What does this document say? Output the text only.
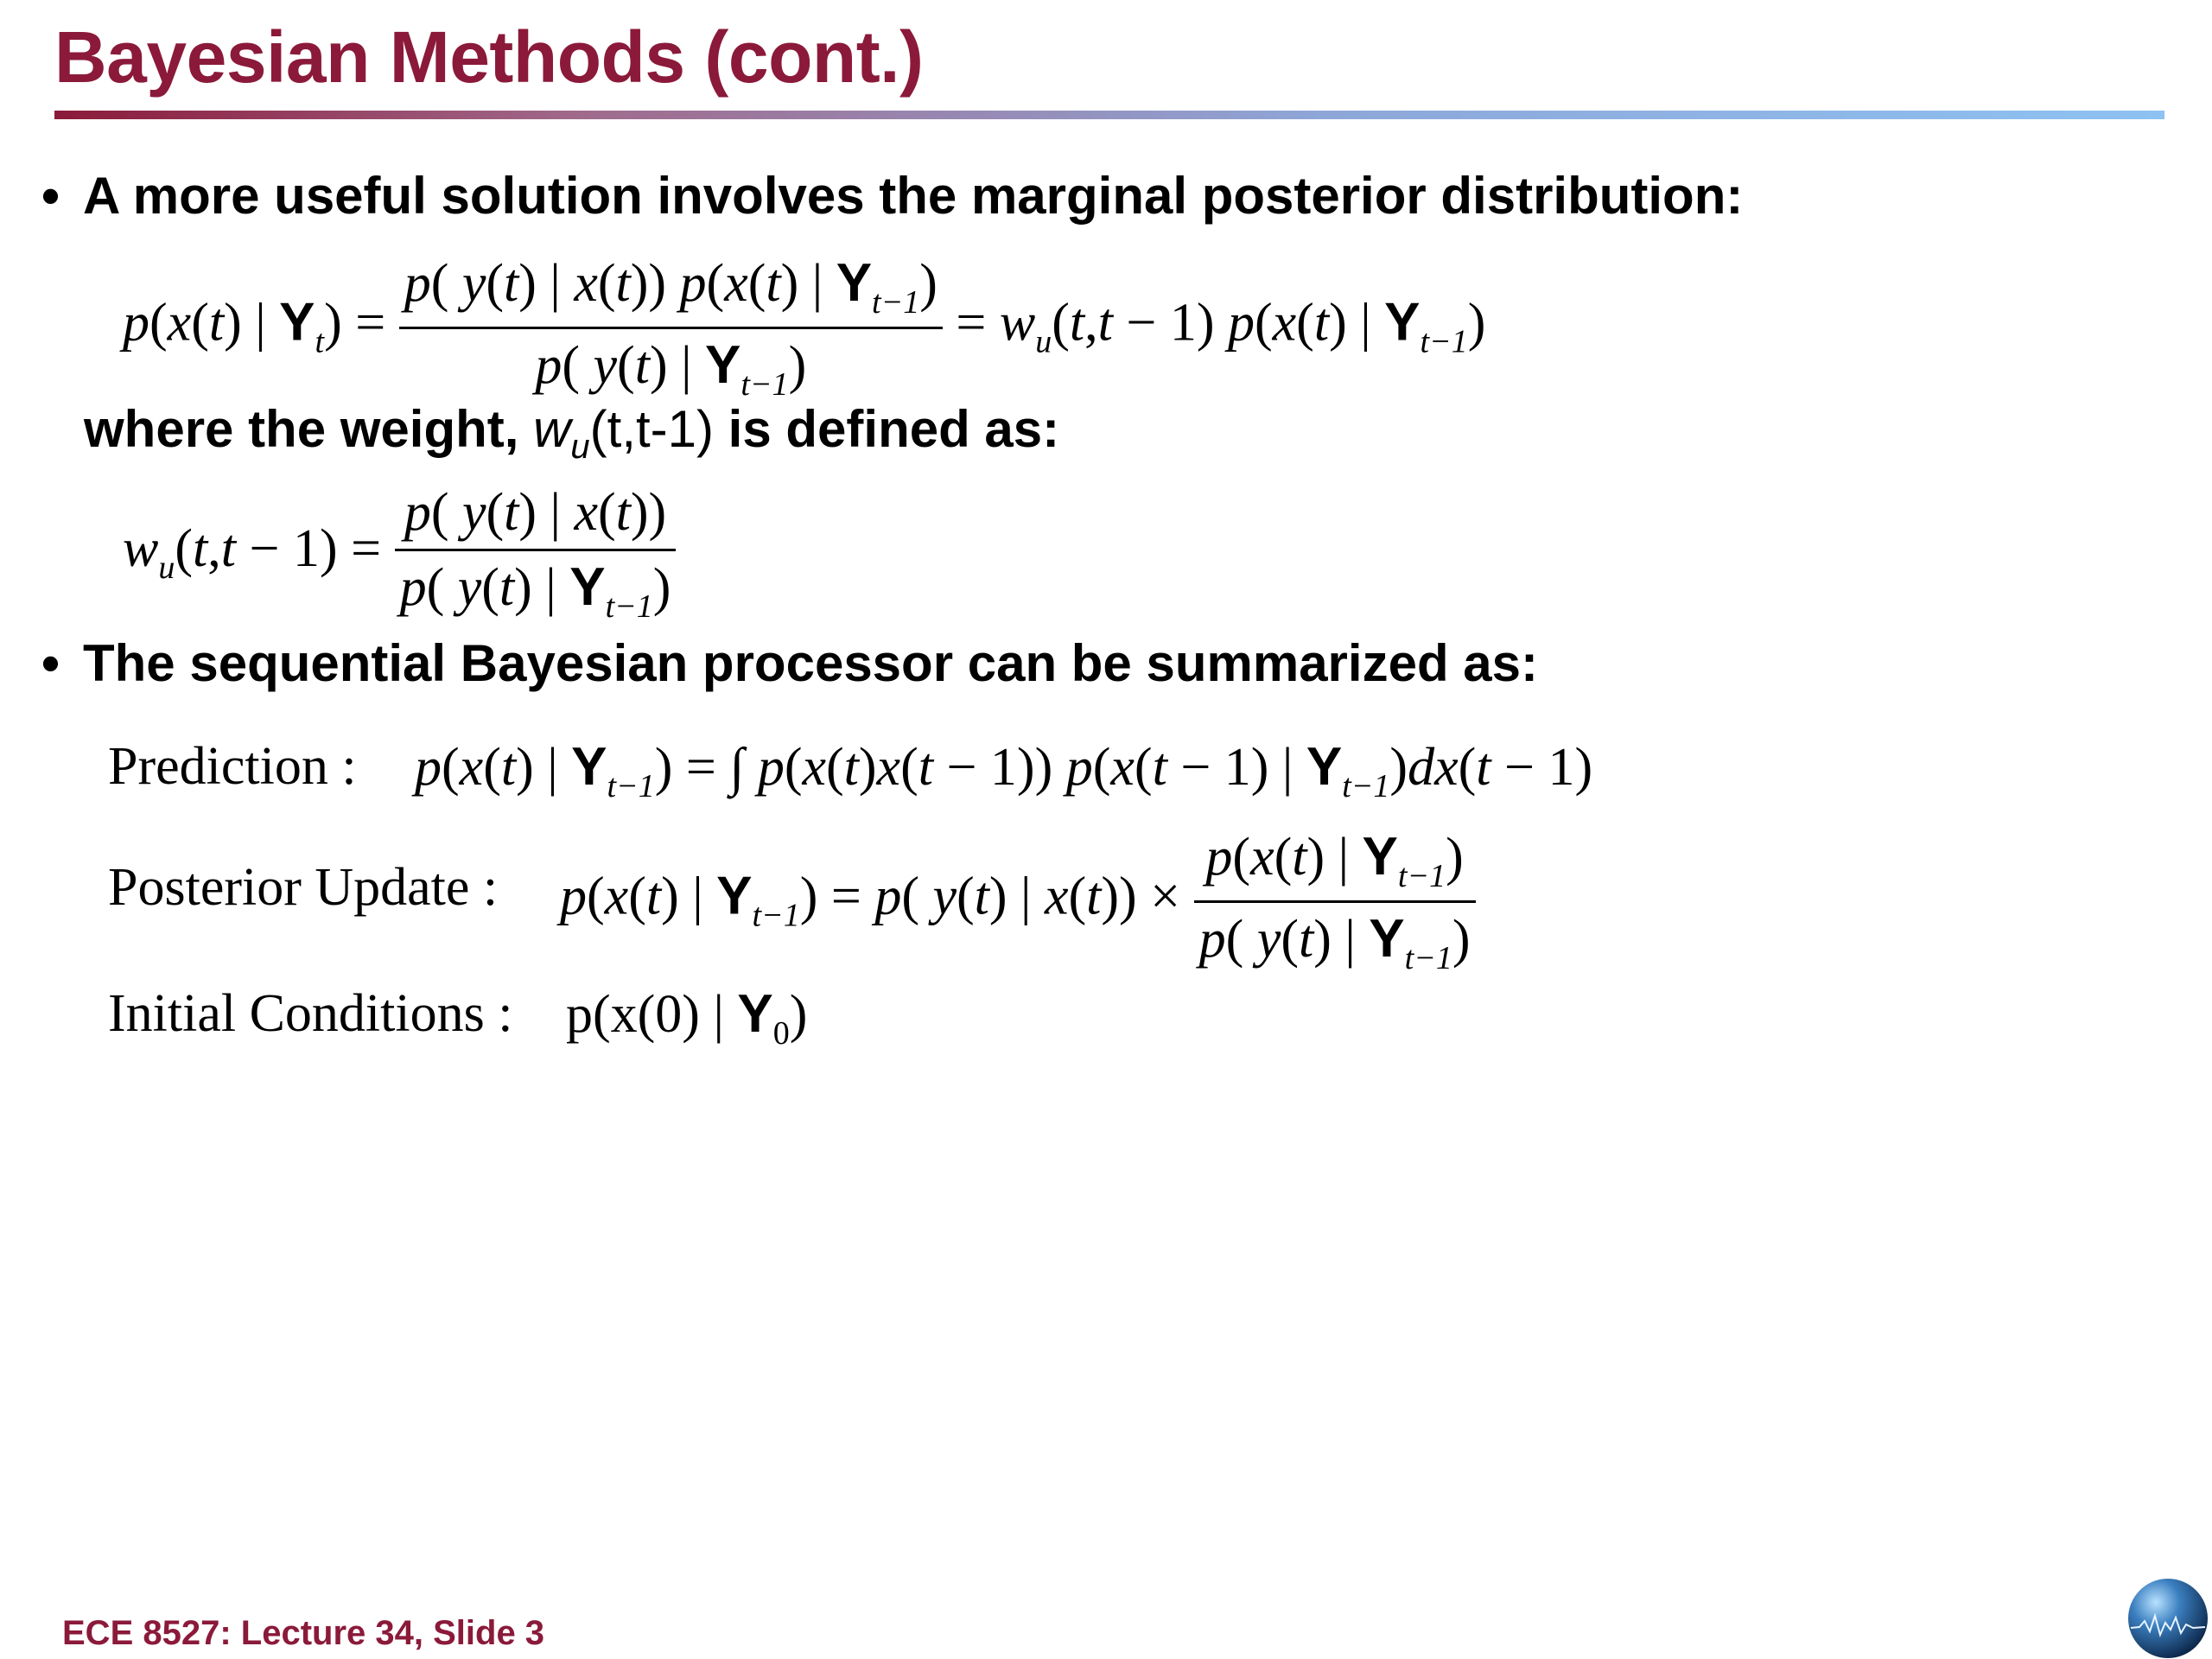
Bayesian Methods (cont.)
• A more useful solution involves the marginal posterior distribution:
p(x(t) | $Y_t) = \frac{p( y(t) | x(t)) p(x(t) | Y_{t-1})}{p( y(t) | Y_{t-1})} = w_u(t,t - 1)$ p(x(t) | $Y_{t-1}$)
where the weight, $w_u(t,t-1)$ is defined as:
$w_u(t,t - 1) = \frac{p( y(t) | x(t))}{p( y(t) | Y_{t-1})}$
• The sequential Bayesian processor can be summarized as:
Prediction : p(x(t) | $Y_{t-1}$) = ∫ p(x(t)x(t − 1)) p(x(t − 1) | $Y_{t-1})dx(t - 1)$
Posterior Update : p(x(t) | $Y_{t-1}) = p$( y(t) | $x(t)) \times \frac{p(x(t) | Y_{t-1})}{p( y(t) | Y_{t-1})}$
Initial Conditions : p(x(0) | $Y_0$)
ECE 8527: Lecture 34, Slide 3
